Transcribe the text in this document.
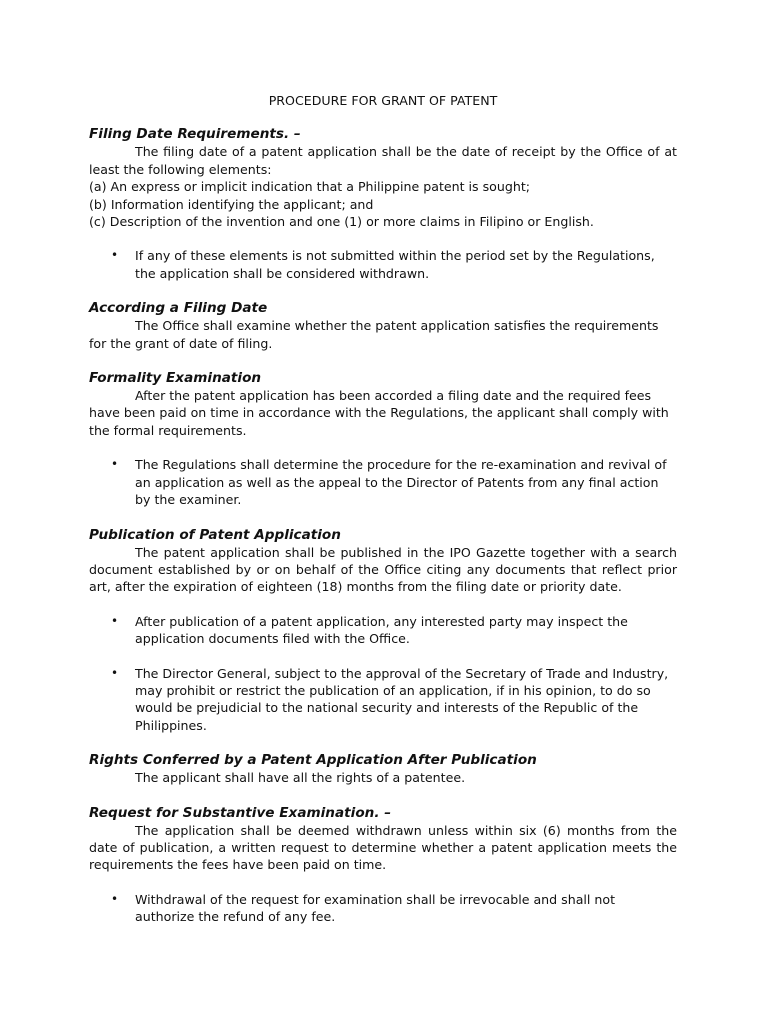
PROCEDURE FOR GRANT OF PATENT
Filing Date Requirements. –

The filing date of a patent application shall be the date of receipt by the Office of at least the following elements:

(a) An express or implicit indication that a Philippine patent is sought;

(b) Information identifying the applicant; and

(c) Description of the invention and one (1) or more claims in Filipino or English.

• If any of these elements is not submitted within the period set by the Regulations, the application shall be considered withdrawn.
According a Filing Date

The Office shall examine whether the patent application satisfies the requirements for the grant of date of filing.

Formality Examination

After the patent application has been accorded a filing date and the required fees have been paid on time in accordance with the Regulations, the applicant shall comply with the formal requirements.

• The Regulations shall determine the procedure for the re-examination and revival of an application as well as the appeal to the Director of Patents from any final action by the examiner.
Publication of Patent Application

The patent application shall be published in the IPO Gazette together with a search document established by or on behalf of the Office citing any documents that reflect prior art, after the expiration of eighteen (18) months from the filing date or priority date.

• After publication of a patent application, any interested party may inspect the application documents filed with the Office.
• The Director General, subject to the approval of the Secretary of Trade and Industry, may prohibit or restrict the publication of an application, if in his opinion, to do so would be prejudicial to the national security and interests of the Republic of the Philippines.
Rights Conferred by a Patent Application After Publication

The applicant shall have all the rights of a patentee.

Request for Substantive Examination. –

The application shall be deemed withdrawn unless within six (6) months from the date of publication, a written request to determine whether a patent application meets the requirements the fees have been paid on time.

• Withdrawal of the request for examination shall be irrevocable and shall not authorize the refund of any fee.
